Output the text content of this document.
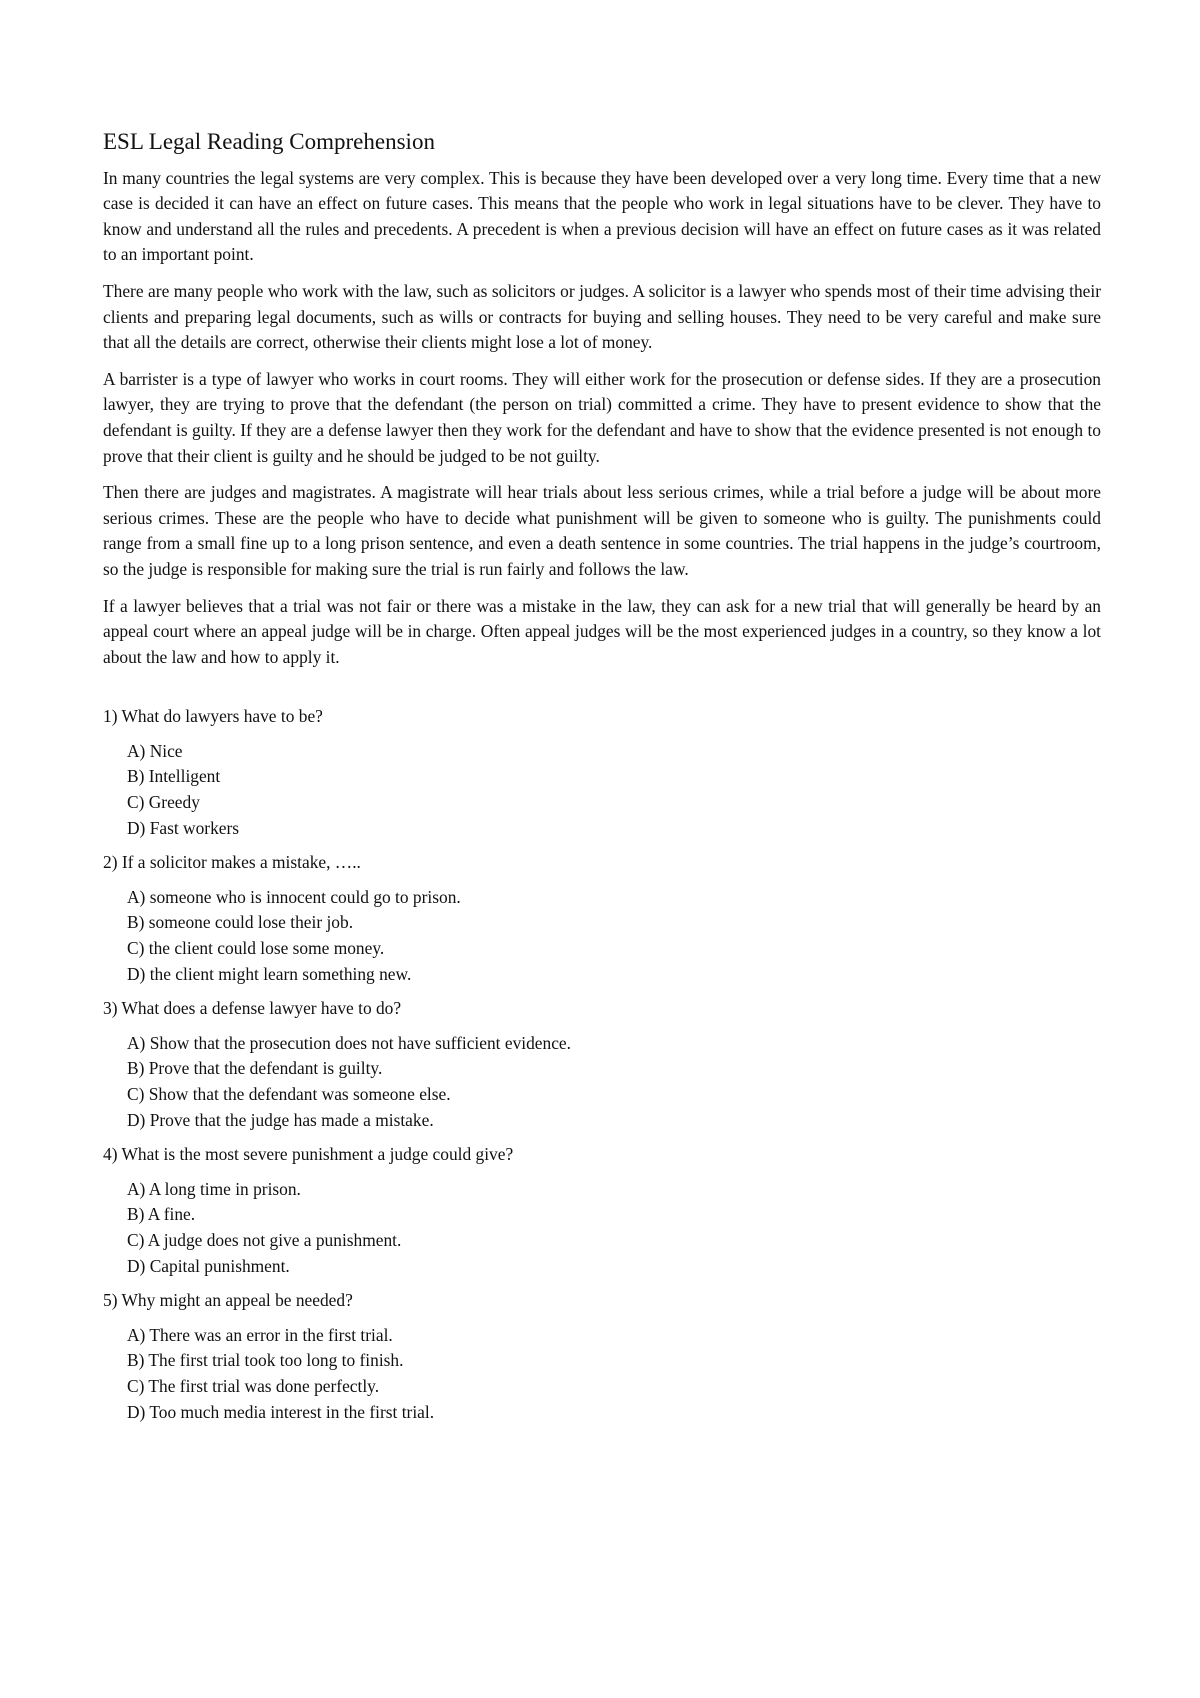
ESL Legal Reading Comprehension

In many countries the legal systems are very complex. This is because they have been developed over a very long time. Every time that a new case is decided it can have an effect on future cases. This means that the people who work in legal situations have to be clever. They have to know and understand all the rules and precedents. A precedent is when a previous decision will have an effect on future cases as it was related to an important point.

There are many people who work with the law, such as solicitors or judges. A solicitor is a lawyer who spends most of their time advising their clients and preparing legal documents, such as wills or contracts for buying and selling houses. They need to be very careful and make sure that all the details are correct, otherwise their clients might lose a lot of money.

A barrister is a type of lawyer who works in court rooms. They will either work for the prosecution or defense sides. If they are a prosecution lawyer, they are trying to prove that the defendant (the person on trial) committed a crime. They have to present evidence to show that the defendant is guilty. If they are a defense lawyer then they work for the defendant and have to show that the evidence presented is not enough to prove that their client is guilty and he should be judged to be not guilty.

Then there are judges and magistrates. A magistrate will hear trials about less serious crimes, while a trial before a judge will be about more serious crimes. These are the people who have to decide what punishment will be given to someone who is guilty. The punishments could range from a small fine up to a long prison sentence, and even a death sentence in some countries. The trial happens in the judge’s courtroom, so the judge is responsible for making sure the trial is run fairly and follows the law.

If a lawyer believes that a trial was not fair or there was a mistake in the law, they can ask for a new trial that will generally be heard by an appeal court where an appeal judge will be in charge. Often appeal judges will be the most experienced judges in a country, so they know a lot about the law and how to apply it.

1) What do lawyers have to be?

A) Nice
B) Intelligent
C) Greedy
D) Fast workers

2) If a solicitor makes a mistake, …..

A) someone who is innocent could go to prison.
B) someone could lose their job.
C) the client could lose some money.
D) the client might learn something new.

3) What does a defense lawyer have to do?

A) Show that the prosecution does not have sufficient evidence.
B) Prove that the defendant is guilty.
C) Show that the defendant was someone else.
D) Prove that the judge has made a mistake.

4) What is the most severe punishment a judge could give?

A) A long time in prison.
B) A fine.
C) A judge does not give a punishment.
D) Capital punishment.

5) Why might an appeal be needed?

A) There was an error in the first trial.
B) The first trial took too long to finish.
C) The first trial was done perfectly.
D) Too much media interest in the first trial.
